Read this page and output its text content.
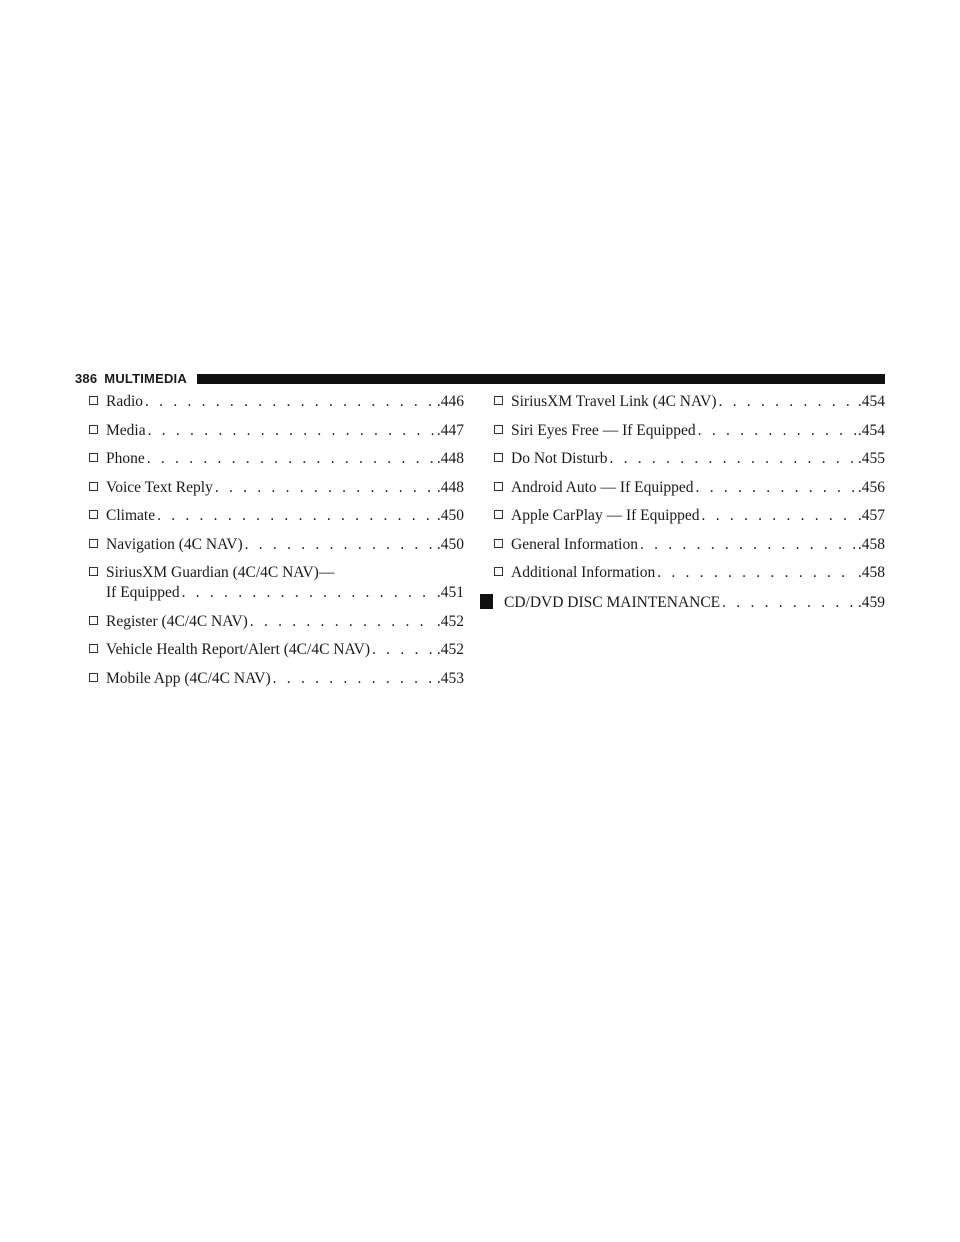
386 MULTIMEDIA
Radio . . .	.446
Media . . .	.447
Phone . . .	.448
Voice Text Reply . . .	.448
Climate . . .	.450
Navigation (4C NAV) . . .	.450
SiriusXM Guardian (4C/4C NAV)—
If Equipped . . .	.451
Register (4C/4C NAV) . . .	.452
Vehicle Health Report/Alert (4C/4C NAV) . . .	.452
Mobile App (4C/4C NAV) . . .	.453
SiriusXM Travel Link (4C NAV) . . .	.454
Siri Eyes Free — If Equipped . . .	.454
Do Not Disturb . . .	.455
Android Auto — If Equipped . . .	.456
Apple CarPlay — If Equipped . . .	.457
General Information . . .	.458
Additional Information . . .	.458
CD/DVD DISC MAINTENANCE . . .	.459
